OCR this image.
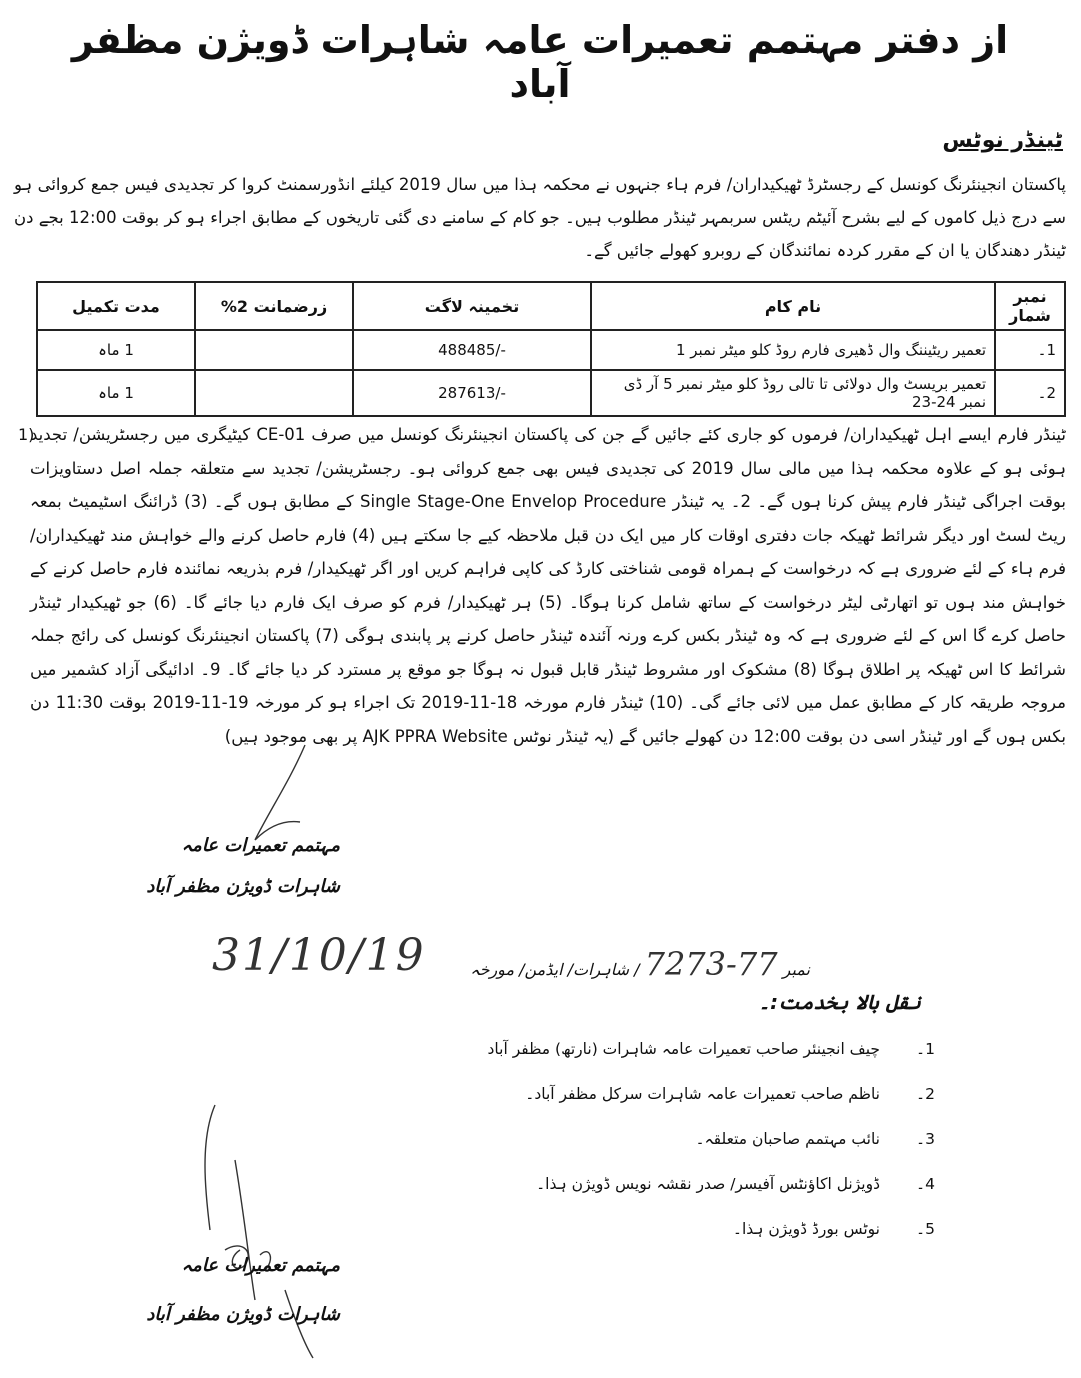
از دفتر مہتمم تعمیرات عامہ شاہرات ڈویژن مظفر آباد
ٹینڈر نوٹس
پاکستان انجینئرنگ کونسل کے رجسٹرڈ ٹھیکیداران/ فرم ہاء جنہوں نے محکمہ ہذا میں سال 2019 کیلئے انڈورسمنٹ کروا کر تجدیدی فیس جمع کروائی ہو سے درج ذیل کاموں کے لیے بشرح آئیٹم ریٹس سربمہر ٹینڈر مطلوب ہیں۔ جو کام کے سامنے دی گئی تاریخوں کے مطابق اجراء ہو کر بوقت 12:00 بجے دن ٹینڈر دھندگان یا ان کے مقرر کردہ نمائندگان کے روبرو کھولے جائیں گے۔
نمبر شمار	نام کام	تخمینہ لاگت	زرضمانت 2%	مدت تکمیل
1۔	تعمیر ریٹیننگ وال ڈھیری فارم روڈ کلو میٹر نمبر 1	488485/-		1 ماہ
2۔	تعمیر بریسٹ وال دولائی تا تالی روڈ کلو میٹر نمبر 5 آر ڈی نمبر 24-23	287613/-		1 ماہ
1)
ٹینڈر فارم ایسے اہل ٹھیکیداران/ فرموں کو جاری کئے جائیں گے جن کی پاکستان انجینئرنگ کونسل میں صرف CE-01 کیٹیگری میں رجسٹریشن/ تجدید ہوئی ہو کے علاوہ محکمہ ہذا میں مالی سال 2019 کی تجدیدی فیس بھی جمع کروائی ہو۔ رجسٹریشن/ تجدید سے متعلقہ جملہ اصل دستاویزات بوقت اجراگی ٹینڈر فارم پیش کرنا ہوں گے۔ 2۔ یہ ٹینڈر Single Stage-One Envelop Procedure کے مطابق ہوں گے۔ (3) ڈرائنگ اسٹیمیٹ بمعہ ریٹ لسٹ اور دیگر شرائط ٹھیکہ جات دفتری اوقات کار میں ایک دن قبل ملاحظہ کیے جا سکتے ہیں (4) فارم حاصل کرنے والے خواہش مند ٹھیکیداران/ فرم ہاء کے لئے ضروری ہے کہ درخواست کے ہمراہ قومی شناختی کارڈ کی کاپی فراہم کریں اور اگر ٹھیکیدار/ فرم بذریعہ نمائندہ فارم حاصل کرنے کے خواہش مند ہوں تو اتھارٹی لیٹر درخواست کے ساتھ شامل کرنا ہوگا۔ (5) ہر ٹھیکیدار/ فرم کو صرف ایک فارم دیا جائے گا۔ (6) جو ٹھیکیدار ٹینڈر حاصل کرے گا اس کے لئے ضروری ہے کہ وہ ٹینڈر بکس کرے ورنہ آئندہ ٹینڈر حاصل کرنے پر پابندی ہوگی (7) پاکستان انجینئرنگ کونسل کی رائج جملہ شرائط کا اس ٹھیکہ پر اطلاق ہوگا (8) مشکوک اور مشروط ٹینڈر قابل قبول نہ ہوگا جو موقع پر مسترد کر دیا جائے گا۔ 9۔ ادائیگی آزاد کشمیر میں مروجہ طریقہ کار کے مطابق عمل میں لائی جائے گی۔ (10) ٹینڈر فارم مورخہ 18-11-2019 تک اجراء ہو کر مورخہ 19-11-2019 بوقت 11:30 دن بکس ہوں گے اور ٹینڈر اسی دن بوقت 12:00 دن کھولے جائیں گے (یہ ٹینڈر نوٹس AJK PPRA Website پر بھی موجود ہیں)
مہتمم تعمیرات عامہ
شاہرات ڈویژن مظفر آباد
31/10/19	نمبر 7273-77 / شاہرات/ ایڈمن/ مورخہ
نقل بالا بخدمت:۔
1۔
چیف انجینئر صاحب تعمیرات عامہ شاہرات (نارتھ) مظفر آباد
2۔
ناظم صاحب تعمیرات عامہ شاہرات سرکل مظفر آباد۔
3۔
نائب مہتمم صاحبان متعلقہ۔
4۔
ڈویژنل اکاؤنٹس آفیسر/ صدر نقشہ نویس ڈویژن ہذا۔
5۔
نوٹس بورڈ ڈویژن ہذا۔
مہتمم تعمیرات عامہ
شاہرات ڈویژن مظفر آباد
